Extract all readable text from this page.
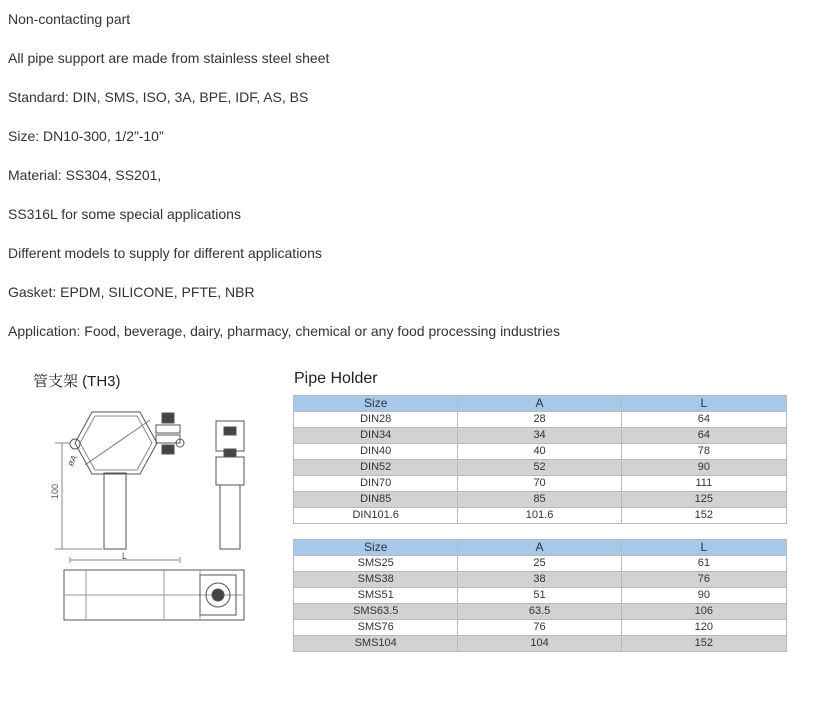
Non-contacting part
All pipe support are made from stainless steel sheet
Standard: DIN, SMS, ISO, 3A, BPE, IDF, AS, BS
Size: DN10-300, 1/2”-10”
Material: SS304, SS201,
SS316L for some special applications
Different models to supply for different applications
Gasket: EPDM, SILICONE, PFTE, NBR
Application: Food, beverage, dairy, pharmacy, chemical or any food processing industries
管支架 (TH3)
100
øA
L
Pipe Holder
Size	A	L
DIN28	28	64
DIN34	34	64
DIN40	40	78
DIN52	52	90
DIN70	70	111
DIN85	85	125
DIN101.6	101.6	152
Size	A	L
SMS25	25	61
SMS38	38	76
SMS51	51	90
SMS63.5	63.5	106
SMS76	76	120
SMS104	104	152
